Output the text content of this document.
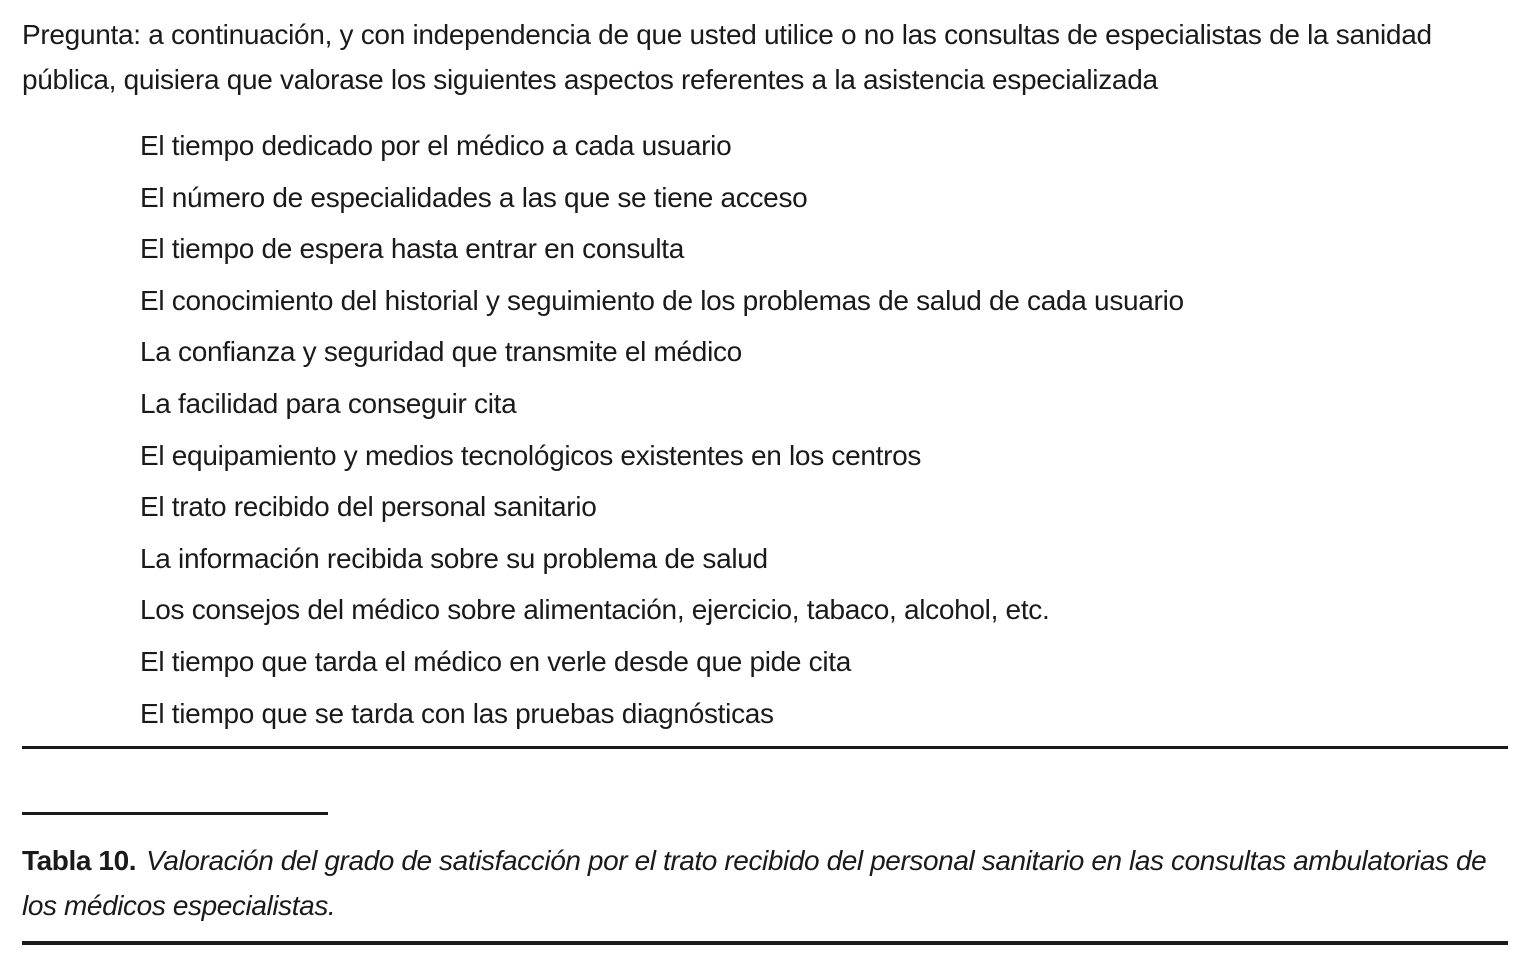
Pregunta: a continuación, y con independencia de que usted utilice o no las consultas de especialistas de la sanidad pública, quisiera que valorase los siguientes aspectos referentes a la asistencia especializada

El tiempo dedicado por el médico a cada usuario
El número de especialidades a las que se tiene acceso
El tiempo de espera hasta entrar en consulta
El conocimiento del historial y seguimiento de los problemas de salud de cada usuario
La confianza y seguridad que transmite el médico
La facilidad para conseguir cita
El equipamiento y medios tecnológicos existentes en los centros
El trato recibido del personal sanitario
La información recibida sobre su problema de salud
Los consejos del médico sobre alimentación, ejercicio, tabaco, alcohol, etc.
El tiempo que tarda el médico en verle desde que pide cita
El tiempo que se tarda con las pruebas diagnósticas

Tabla 10. Valoración del grado de satisfacción por el trato recibido del personal sanitario en las consultas ambulatorias de los médicos especialistas.
